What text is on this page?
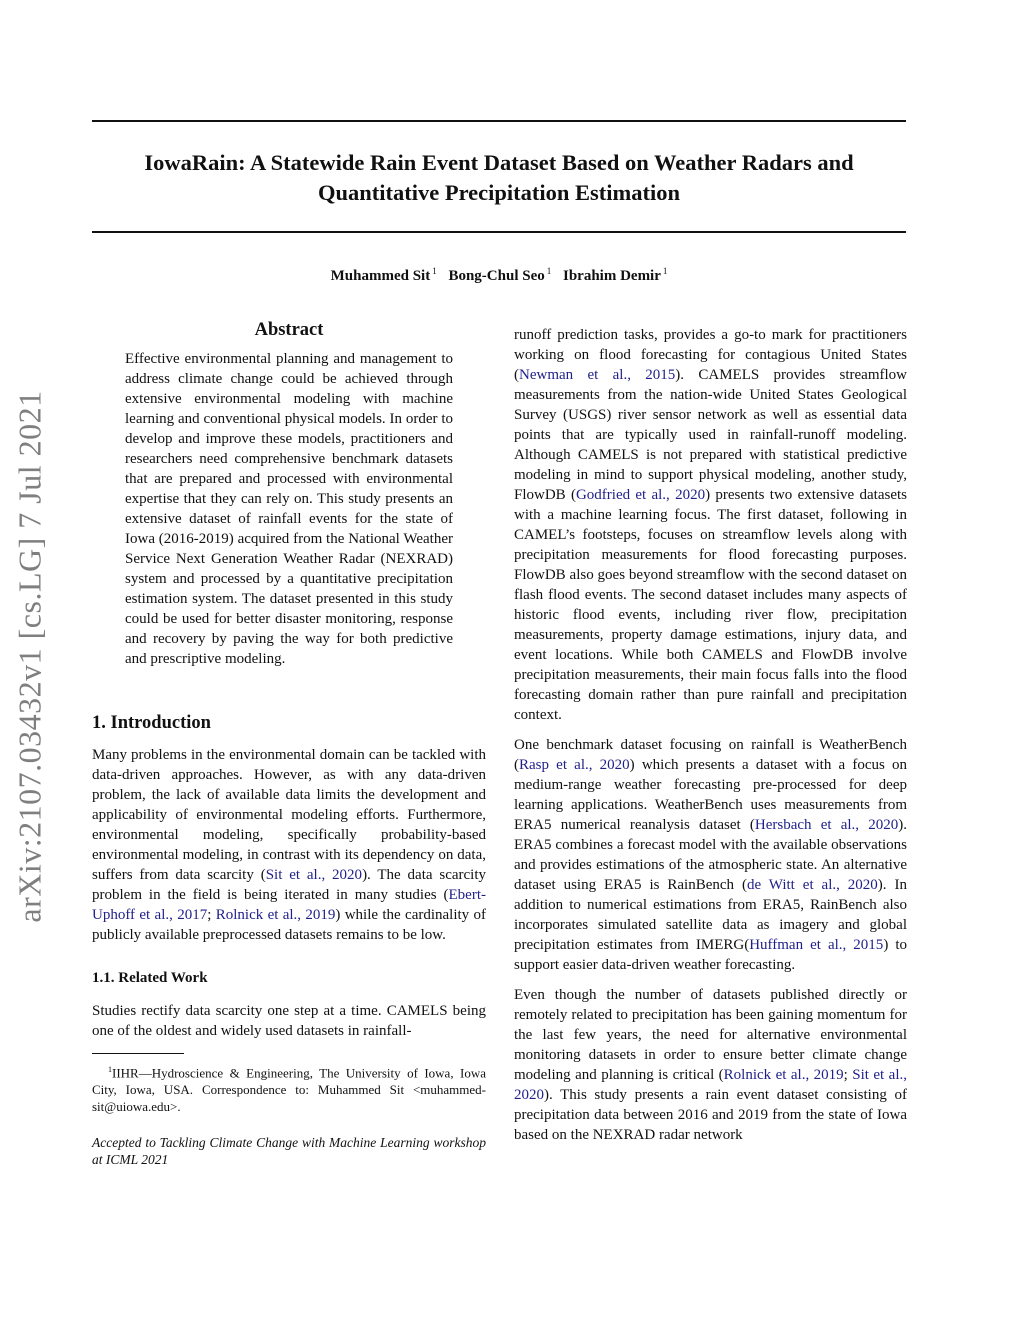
IowaRain: A Statewide Rain Event Dataset Based on Weather Radars and Quantitative Precipitation Estimation
Muhammed Sit $^1$ Bong-Chul Seo $^1$ Ibrahim Demir $^1$
arXiv:2107.03432v1 [cs.LG] 7 Jul 2021
Abstract

Effective environmental planning and management to address climate change could be achieved through extensive environmental modeling with machine learning and conventional physical models. In order to develop and improve these models, practitioners and researchers need comprehensive benchmark datasets that are prepared and processed with environmental expertise that they can rely on. This study presents an extensive dataset of rainfall events for the state of Iowa (2016-2019) acquired from the National Weather Service Next Generation Weather Radar (NEXRAD) system and processed by a quantitative precipitation estimation system. The dataset presented in this study could be used for better disaster monitoring, response and recovery by paving the way for both predictive and prescriptive modeling.

1. Introduction

Many problems in the environmental domain can be tackled with data-driven approaches. However, as with any data-driven problem, the lack of available data limits the development and applicability of environmental modeling efforts. Furthermore, environmental modeling, specifically probability-based environmental modeling, in contrast with its dependency on data, suffers from data scarcity (Sit et al., 2020). The data scarcity problem in the field is being iterated in many studies (Ebert-Uphoff et al., 2017; Rolnick et al., 2019) while the cardinality of publicly available preprocessed datasets remains to be low.

1.1. Related Work

Studies rectify data scarcity one step at a time. CAMELS being one of the oldest and widely used datasets in rainfall-

$^1$IIHR—Hydroscience & Engineering, The University of Iowa, Iowa City, Iowa, USA. Correspondence to: Muhammed Sit <muhammed-sit@uiowa.edu>.

Accepted to Tackling Climate Change with Machine Learning workshop at ICML 2021

runoff prediction tasks, provides a go-to mark for practitioners working on flood forecasting for contagious United States (Newman et al., 2015). CAMELS provides streamflow measurements from the nation-wide United States Geological Survey (USGS) river sensor network as well as essential data points that are typically used in rainfall-runoff modeling. Although CAMELS is not prepared with statistical predictive modeling in mind to support physical modeling, another study, FlowDB (Godfried et al., 2020) presents two extensive datasets with a machine learning focus. The first dataset, following in CAMEL’s footsteps, focuses on streamflow levels along with precipitation measurements for flood forecasting purposes. FlowDB also goes beyond streamflow with the second dataset on flash flood events. The second dataset includes many aspects of historic flood events, including river flow, precipitation measurements, property damage estimations, injury data, and event locations. While both CAMELS and FlowDB involve precipitation measurements, their main focus falls into the flood forecasting domain rather than pure rainfall and precipitation context.

One benchmark dataset focusing on rainfall is WeatherBench (Rasp et al., 2020) which presents a dataset with a focus on medium-range weather forecasting pre-processed for deep learning applications. WeatherBench uses measurements from ERA5 numerical reanalysis dataset (Hersbach et al., 2020). ERA5 combines a forecast model with the available observations and provides estimations of the atmospheric state. An alternative dataset using ERA5 is RainBench (de Witt et al., 2020). In addition to numerical estimations from ERA5, RainBench also incorporates simulated satellite data as imagery and global precipitation estimates from IMERG(Huffman et al., 2015) to support easier data-driven weather forecasting.

Even though the number of datasets published directly or remotely related to precipitation has been gaining momentum for the last few years, the need for alternative environmental monitoring datasets in order to ensure better climate change modeling and planning is critical (Rolnick et al., 2019; Sit et al., 2020). This study presents a rain event dataset consisting of precipitation data between 2016 and 2019 from the state of Iowa based on the NEXRAD radar network
